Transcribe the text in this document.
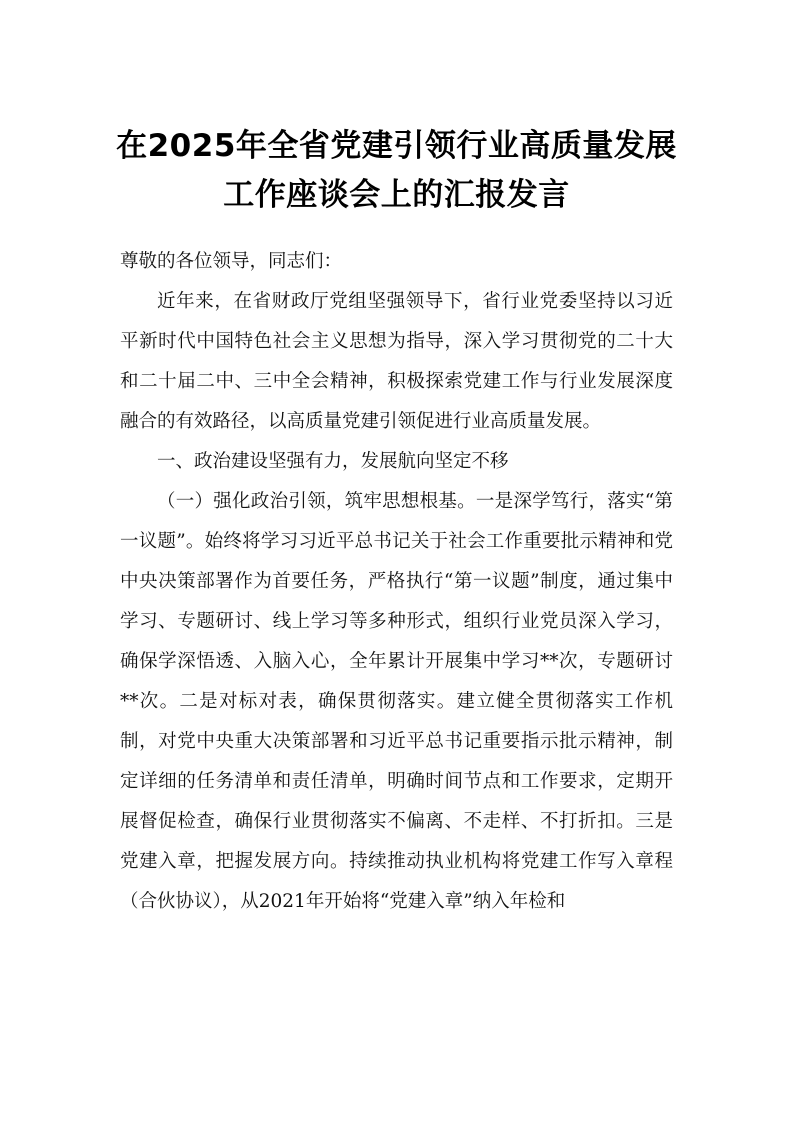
在2025年全省党建引领行业高质量发展工作座谈会上的汇报发言

尊敬的各位领导，同志们：

近年来，在省财政厅党组坚强领导下，省行业党委坚持以习近平新时代中国特色社会主义思想为指导，深入学习贯彻党的二十大和二十届二中、三中全会精神，积极探索党建工作与行业发展深度融合的有效路径，以高质量党建引领促进行业高质量发展。

一、政治建设坚强有力，发展航向坚定不移

（一）强化政治引领，筑牢思想根基。一是深学笃行，落实“第一议题”。始终将学习习近平总书记关于社会工作重要批示精神和党中央决策部署作为首要任务，严格执行“第一议题”制度，通过集中学习、专题研讨、线上学习等多种形式，组织行业党员深入学习，确保学深悟透、入脑入心，全年累计开展集中学习**次，专题研讨**次。二是对标对表，确保贯彻落实。建立健全贯彻落实工作机制，对党中央重大决策部署和习近平总书记重要指示批示精神，制定详细的任务清单和责任清单，明确时间节点和工作要求，定期开展督促检查，确保行业贯彻落实不偏离、不走样、不打折扣。三是党建入章，把握发展方向。持续推动执业机构将党建工作写入章程（合伙协议），从2021年开始将“党建入章”纳入年检和
